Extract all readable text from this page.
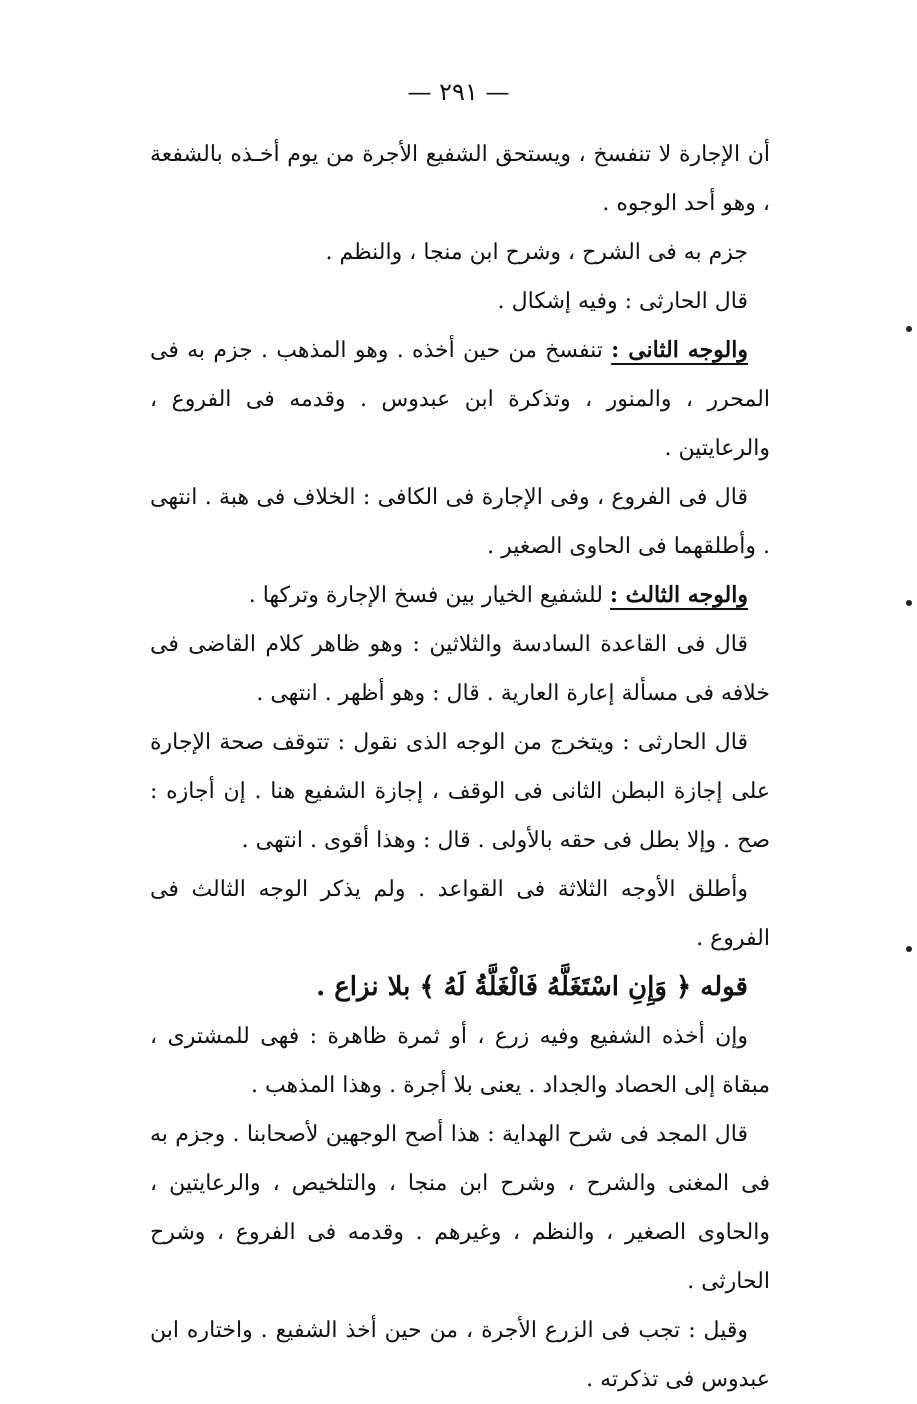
— ٢٩١ —

أن الإجارة لا تنفسخ ، ويستحق الشفيع الأجرة من يوم أخـذه بالشفعة ، وهو أحد الوجوه .

جزم به فى الشرح ، وشرح ابن منجا ، والنظم .

قال الحارثى : وفيه إشكال .

والوجه الثانى : تنفسخ من حين أخذه . وهو المذهب . جزم به فى المحرر ، والمنور ، وتذكرة ابن عبدوس . وقدمه فى الفروع ، والرعايتين .

قال فى الفروع ، وفى الإجارة فى الكافى : الخلاف فى هبة . انتهى . وأطلقهما فى الحاوى الصغير .

والوجه الثالث : للشفيع الخيار بين فسخ الإجارة وتركها .

قال فى القاعدة السادسة والثلاثين : وهو ظاهر كلام القاضى فى خلافه فى مسألة إعارة العارية . قال : وهو أظهر . انتهى .

قال الحارثى : ويتخرج من الوجه الذى نقول : تتوقف صحة الإجارة على إجازة البطن الثانى فى الوقف ، إجازة الشفيع هنا . إن أجازه : صح . وإلا بطل فى حقه بالأولى . قال : وهذا أقوى . انتهى .

وأطلق الأوجه الثلاثة فى القواعد . ولم يذكر الوجه الثالث فى الفروع .

قوله ﴿ وَإِنِ اسْتَغَلَّهُ فَالْغَلَّةُ لَهُ ﴾ بلا نزاع .

وإن أخذه الشفيع وفيه زرع ، أو ثمرة ظاهرة : فهى للمشترى ، مبقاة إلى الحصاد والجداد . يعنى بلا أجرة . وهذا المذهب .

قال المجد فى شرح الهداية : هذا أصح الوجهين لأصحابنا . وجزم به فى المغنى والشرح ، وشرح ابن منجا ، والتلخيص ، والرعايتين ، والحاوى الصغير ، والنظم ، وغيرهم . وقدمه فى الفروع ، وشرح الحارثى .

وقيل : تجب فى الزرع الأجرة ، من حين أخذ الشفيع . واختاره ابن عبدوس فى تذكرته .
